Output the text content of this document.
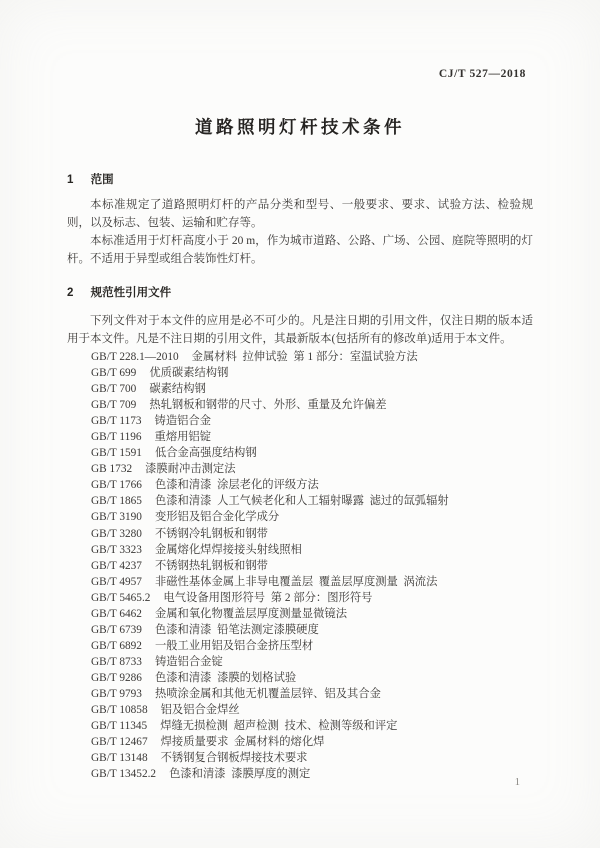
CJ/T 527—2018
道路照明灯杆技术条件
1 范围

本标准规定了道路照明灯杆的产品分类和型号、一般要求、要求、试验方法、检验规则，以及标志、包装、运输和贮存等。

本标准适用于灯杆高度小于 20 m，作为城市道路、公路、广场、公园、庭院等照明的灯杆。不适用于异型或组合装饰性灯杆。

2 规范性引用文件

下列文件对于本文件的应用是必不可少的。凡是注日期的引用文件，仅注日期的版本适用于本文件。凡是不注日期的引用文件，其最新版本(包括所有的修改单)适用于本文件。

GB/T 228.1—2010 金属材料  拉伸试验  第 1 部分：室温试验方法
GB/T 699 优质碳素结构钢
GB/T 700 碳素结构钢
GB/T 709 热轧钢板和钢带的尺寸、外形、重量及允许偏差
GB/T 1173 铸造铝合金
GB/T 1196 重熔用铝锭
GB/T 1591 低合金高强度结构钢
GB 1732 漆膜耐冲击测定法
GB/T 1766 色漆和清漆  涂层老化的评级方法
GB/T 1865 色漆和清漆  人工气候老化和人工辐射曝露  滤过的氙弧辐射
GB/T 3190 变形铝及铝合金化学成分
GB/T 3280 不锈钢冷轧钢板和钢带
GB/T 3323 金属熔化焊焊接接头射线照相
GB/T 4237 不锈钢热轧钢板和钢带
GB/T 4957 非磁性基体金属上非导电覆盖层  覆盖层厚度测量  涡流法
GB/T 5465.2 电气设备用图形符号  第 2 部分：图形符号
GB/T 6462 金属和氧化物覆盖层厚度测量显微镜法
GB/T 6739 色漆和清漆  铅笔法测定漆膜硬度
GB/T 6892 一般工业用铝及铝合金挤压型材
GB/T 8733 铸造铝合金锭
GB/T 9286 色漆和清漆  漆膜的划格试验
GB/T 9793 热喷涂金属和其他无机覆盖层锌、铝及其合金
GB/T 10858 铝及铝合金焊丝
GB/T 11345 焊缝无损检测  超声检测  技术、检测等级和评定
GB/T 12467 焊接质量要求  金属材料的熔化焊
GB/T 13148 不锈钢复合钢板焊接技术要求
GB/T 13452.2 色漆和清漆  漆膜厚度的测定
1
